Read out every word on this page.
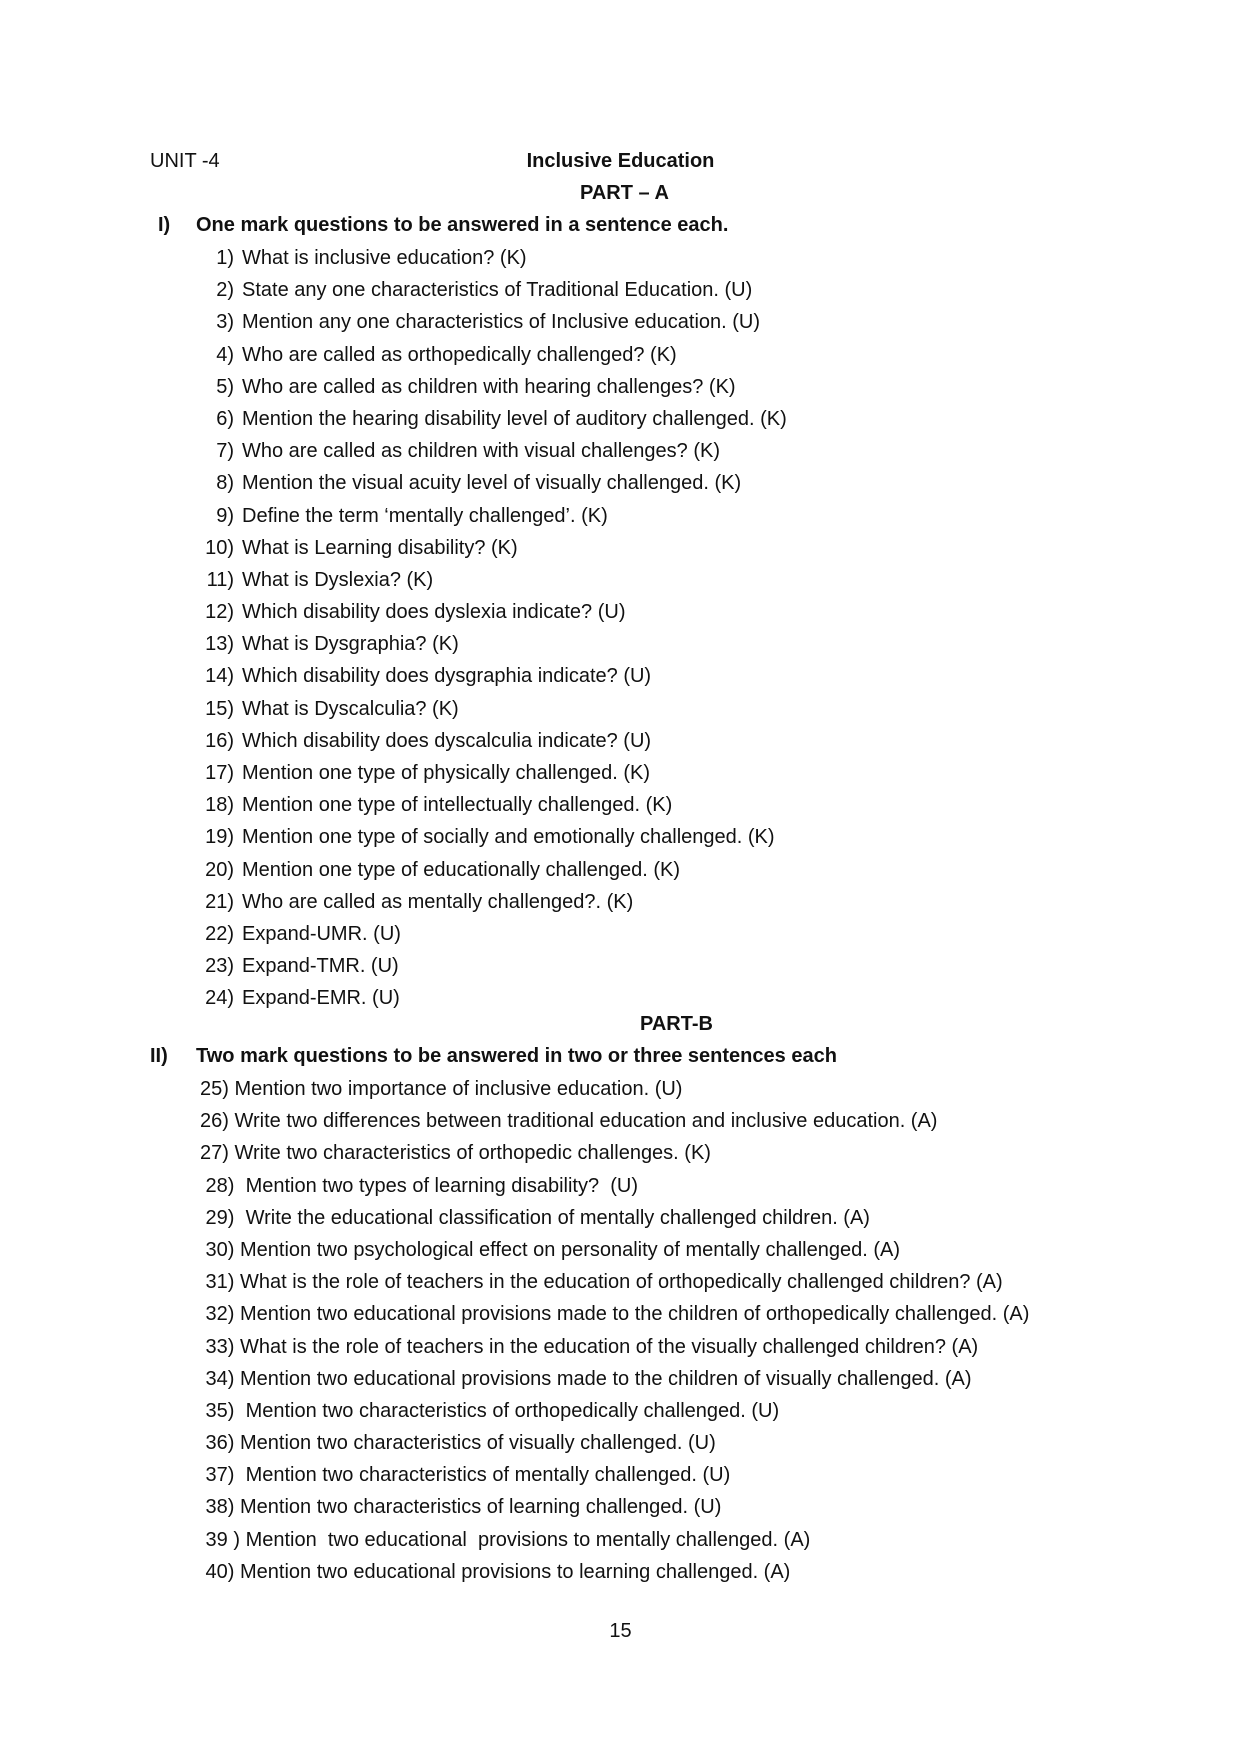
UNIT -4	Inclusive Education
PART – A
I) One mark questions to be answered in a sentence each.
1) What is inclusive education? (K)
2) State any one characteristics of Traditional Education. (U)
3) Mention any one characteristics of Inclusive education. (U)
4) Who are called as orthopedically challenged? (K)
5) Who are called as children with hearing challenges? (K)
6) Mention the hearing disability level of auditory challenged. (K)
7) Who are called as children with visual challenges? (K)
8) Mention the visual acuity level of visually challenged. (K)
9) Define the term ‘mentally challenged’. (K)
10) What is Learning disability? (K)
11) What is Dyslexia? (K)
12) Which disability does dyslexia indicate? (U)
13) What is Dysgraphia? (K)
14) Which disability does dysgraphia indicate? (U)
15) What is Dyscalculia? (K)
16) Which disability does dyscalculia indicate? (U)
17) Mention one type of physically challenged. (K)
18) Mention one type of intellectually challenged. (K)
19) Mention one type of socially and emotionally challenged. (K)
20) Mention one type of educationally challenged. (K)
21) Who are called as mentally challenged?. (K)
22) Expand-UMR. (U)
23) Expand-TMR. (U)
24) Expand-EMR. (U)
PART-B
II) Two mark questions to be answered in two or three sentences each
25) Mention two importance of inclusive education. (U)
26) Write two differences between traditional education and inclusive education. (A)
27) Write two characteristics of orthopedic challenges. (K)
28)  Mention two types of learning disability?  (U)
29)  Write the educational classification of mentally challenged children. (A)
30) Mention two psychological effect on personality of mentally challenged. (A)
31) What is the role of teachers in the education of orthopedically challenged children? (A)
32) Mention two educational provisions made to the children of orthopedically challenged. (A)
33) What is the role of teachers in the education of the visually challenged children? (A)
34) Mention two educational provisions made to the children of visually challenged. (A)
35)  Mention two characteristics of orthopedically challenged. (U)
36) Mention two characteristics of visually challenged. (U)
37)  Mention two characteristics of mentally challenged. (U)
38) Mention two characteristics of learning challenged. (U)
39 ) Mention  two educational  provisions to mentally challenged. (A)
40) Mention two educational provisions to learning challenged. (A)
15
